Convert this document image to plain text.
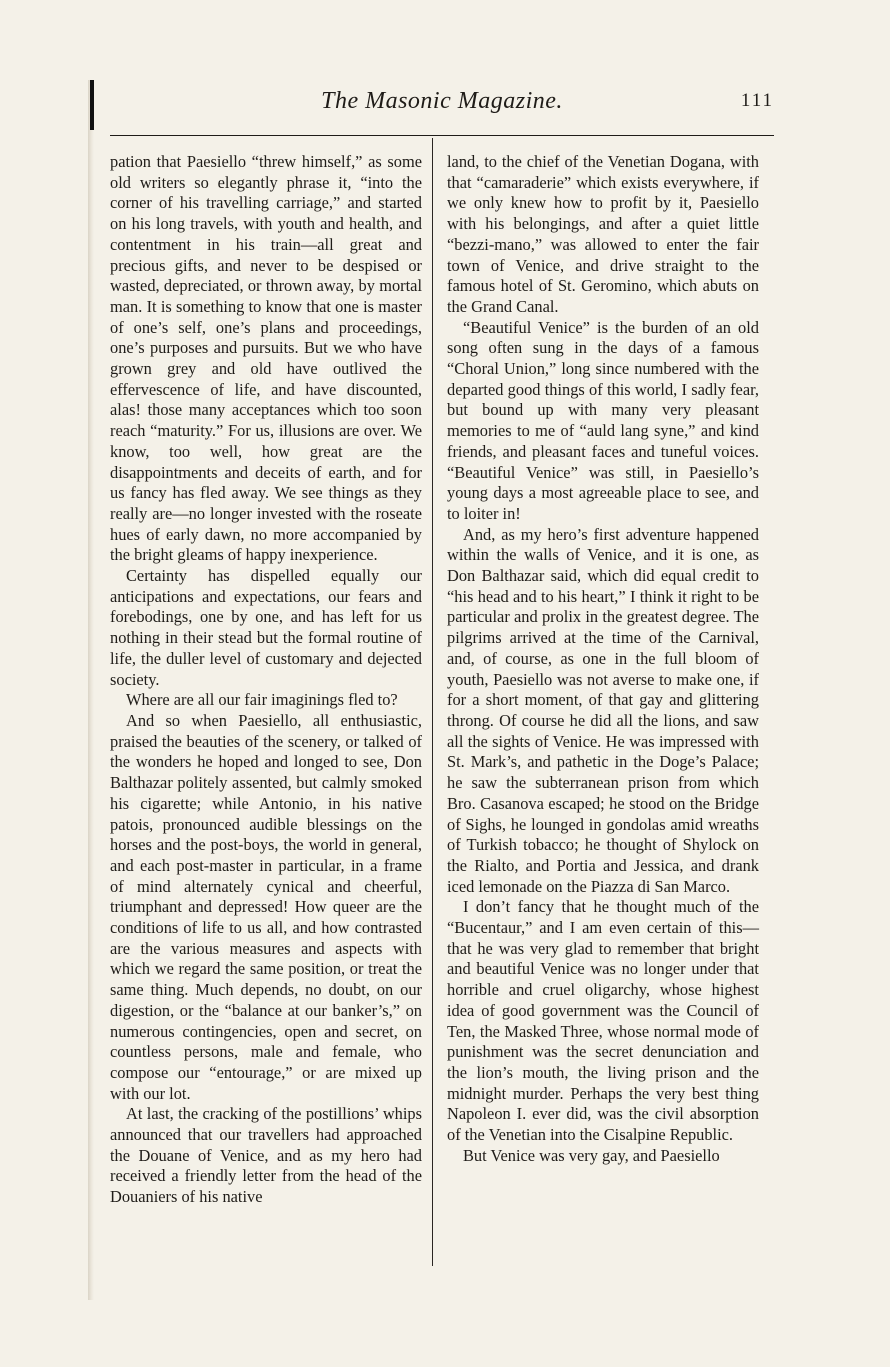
The Masonic Magazine.	111

pation that Paesiello “threw himself,” as some old writers so elegantly phrase it, “into the corner of his travelling carriage,” and started on his long travels, with youth and health, and contentment in his train—all great and precious gifts, and never to be despised or wasted, depreciated, or thrown away, by mortal man. It is something to know that one is master of one’s self, one’s plans and proceedings, one’s purposes and pursuits. But we who have grown grey and old have outlived the effervescence of life, and have discounted, alas! those many acceptances which too soon reach “maturity.” For us, illusions are over. We know, too well, how great are the disappointments and deceits of earth, and for us fancy has fled away. We see things as they really are—no longer invested with the roseate hues of early dawn, no more accompanied by the bright gleams of happy inexperience.

Certainty has dispelled equally our anticipations and expectations, our fears and forebodings, one by one, and has left for us nothing in their stead but the formal routine of life, the duller level of customary and dejected society.

Where are all our fair imaginings fled to?

And so when Paesiello, all enthusiastic, praised the beauties of the scenery, or talked of the wonders he hoped and longed to see, Don Balthazar politely assented, but calmly smoked his cigarette; while Antonio, in his native patois, pronounced audible blessings on the horses and the post-boys, the world in general, and each post-master in particular, in a frame of mind alternately cynical and cheerful, triumphant and depressed! How queer are the conditions of life to us all, and how contrasted are the various measures and aspects with which we regard the same position, or treat the same thing. Much depends, no doubt, on our digestion, or the “balance at our banker’s,” on numerous contingencies, open and secret, on countless persons, male and female, who compose our “entourage,” or are mixed up with our lot.

At last, the cracking of the postillions’ whips announced that our travellers had approached the Douane of Venice, and as my hero had received a friendly letter from the head of the Douaniers of his native

land, to the chief of the Venetian Dogana, with that “camaraderie” which exists everywhere, if we only knew how to profit by it, Paesiello with his belongings, and after a quiet little “bezzi-mano,” was allowed to enter the fair town of Venice, and drive straight to the famous hotel of St. Geromino, which abuts on the Grand Canal.

“Beautiful Venice” is the burden of an old song often sung in the days of a famous “Choral Union,” long since numbered with the departed good things of this world, I sadly fear, but bound up with many very pleasant memories to me of “auld lang syne,” and kind friends, and pleasant faces and tuneful voices. “Beautiful Venice” was still, in Paesiello’s young days a most agreeable place to see, and to loiter in!

And, as my hero’s first adventure happened within the walls of Venice, and it is one, as Don Balthazar said, which did equal credit to “his head and to his heart,” I think it right to be particular and prolix in the greatest degree. The pilgrims arrived at the time of the Carnival, and, of course, as one in the full bloom of youth, Paesiello was not averse to make one, if for a short moment, of that gay and glittering throng. Of course he did all the lions, and saw all the sights of Venice. He was impressed with St. Mark’s, and pathetic in the Doge’s Palace; he saw the subterranean prison from which Bro. Casanova escaped; he stood on the Bridge of Sighs, he lounged in gondolas amid wreaths of Turkish tobacco; he thought of Shylock on the Rialto, and Portia and Jessica, and drank iced lemonade on the Piazza di San Marco.

I don’t fancy that he thought much of the “Bucentaur,” and I am even certain of this—that he was very glad to remember that bright and beautiful Venice was no longer under that horrible and cruel oligarchy, whose highest idea of good government was the Council of Ten, the Masked Three, whose normal mode of punishment was the secret denunciation and the lion’s mouth, the living prison and the midnight murder. Perhaps the very best thing Napoleon I. ever did, was the civil absorption of the Venetian into the Cisalpine Republic.

But Venice was very gay, and Paesiello
